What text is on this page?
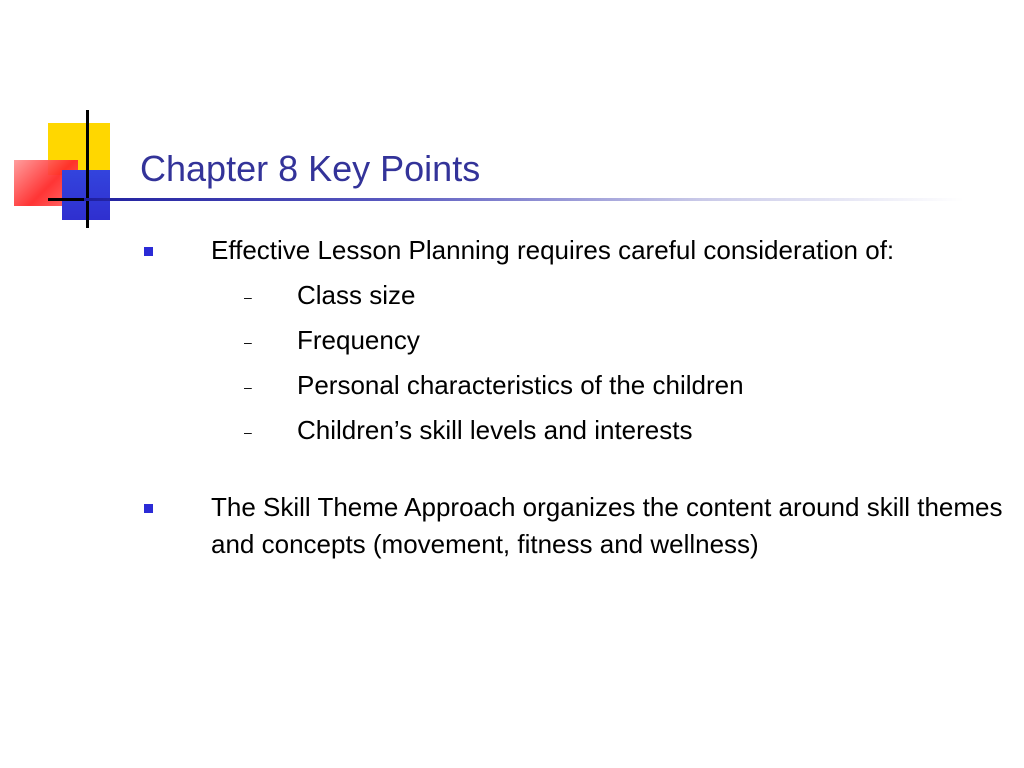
Chapter 8 Key Points
Effective Lesson Planning requires careful consideration of:
– Class size
– Frequency
– Personal characteristics of the children
– Children’s skill levels and interests
The Skill Theme Approach organizes the content around skill themes and concepts (movement, fitness and wellness)
